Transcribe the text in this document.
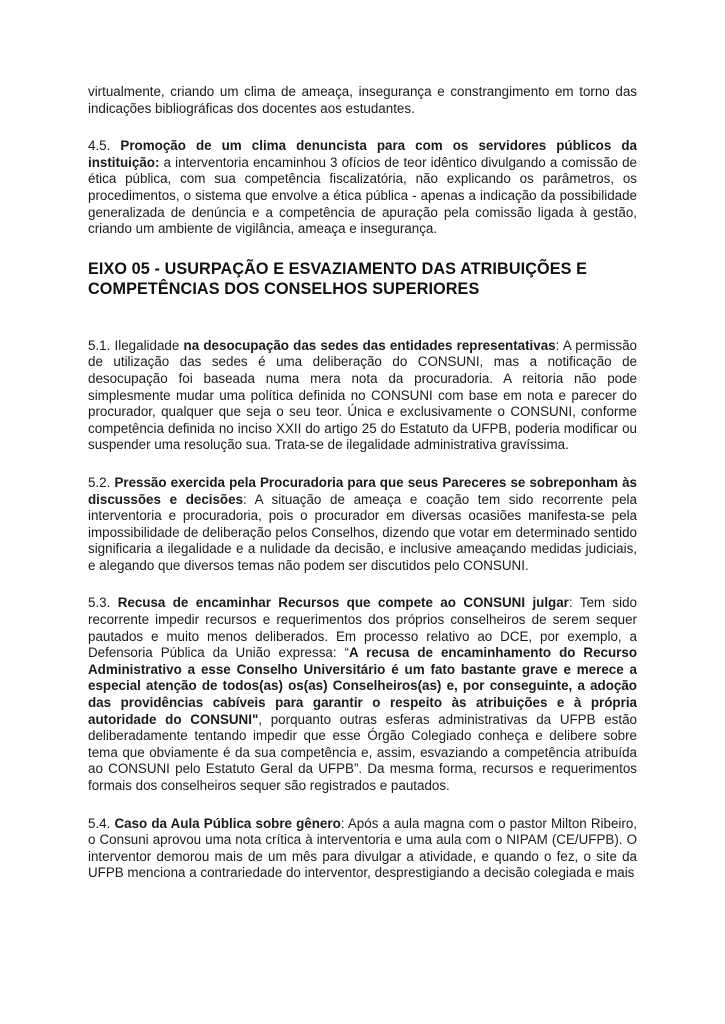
virtualmente, criando um clima de ameaça, insegurança e constrangimento em torno das indicações bibliográficas dos docentes aos estudantes.

4.5. Promoção de um clima denuncista para com os servidores públicos da instituição: a interventoria encaminhou 3 ofícios de teor idêntico divulgando a comissão de ética pública, com sua competência fiscalizatória, não explicando os parâmetros, os procedimentos, o sistema que envolve a ética pública - apenas a indicação da possibilidade generalizada de denúncia e a competência de apuração pela comissão ligada à gestão, criando um ambiente de vigilância, ameaça e insegurança.

EIXO 05 - USURPAÇÃO E ESVAZIAMENTO DAS ATRIBUIÇÕES E COMPETÊNCIAS DOS CONSELHOS SUPERIORES

5.1. Ilegalidade na desocupação das sedes das entidades representativas: A permissão de utilização das sedes é uma deliberação do CONSUNI, mas a notificação de desocupação foi baseada numa mera nota da procuradoria. A reitoria não pode simplesmente mudar uma política definida no CONSUNI com base em nota e parecer do procurador, qualquer que seja o seu teor. Única e exclusivamente o CONSUNI, conforme competência definida no inciso XXII do artigo 25 do Estatuto da UFPB, poderia modificar ou suspender uma resolução sua. Trata-se de ilegalidade administrativa gravíssima.

5.2. Pressão exercida pela Procuradoria para que seus Pareceres se sobreponham às discussões e decisões: A situação de ameaça e coação tem sido recorrente pela interventoria e procuradoria, pois o procurador em diversas ocasiões manifesta-se pela impossibilidade de deliberação pelos Conselhos, dizendo que votar em determinado sentido significaria a ilegalidade e a nulidade da decisão, e inclusive ameaçando medidas judiciais, e alegando que diversos temas não podem ser discutidos pelo CONSUNI.

5.3. Recusa de encaminhar Recursos que compete ao CONSUNI julgar: Tem sido recorrente impedir recursos e requerimentos dos próprios conselheiros de serem sequer pautados e muito menos deliberados. Em processo relativo ao DCE, por exemplo, a Defensoria Pública da União expressa: “A recusa de encaminhamento do Recurso Administrativo a esse Conselho Universitário é um fato bastante grave e merece a especial atenção de todos(as) os(as) Conselheiros(as) e, por conseguinte, a adoção das providências cabíveis para garantir o respeito às atribuições e à própria autoridade do CONSUNI", porquanto outras esferas administrativas da UFPB estão deliberadamente tentando impedir que esse Órgão Colegiado conheça e delibere sobre tema que obviamente é da sua competência e, assim, esvaziando a competência atribuída ao CONSUNI pelo Estatuto Geral da UFPB”. Da mesma forma, recursos e requerimentos formais dos conselheiros sequer são registrados e pautados.

5.4. Caso da Aula Pública sobre gênero: Após a aula magna com o pastor Milton Ribeiro, o Consuni aprovou uma nota crítica à interventoria e uma aula com o NIPAM (CE/UFPB). O interventor demorou mais de um mês para divulgar a atividade, e quando o fez, o site da UFPB menciona a contrariedade do interventor, desprestigiando a decisão colegiada e mais
